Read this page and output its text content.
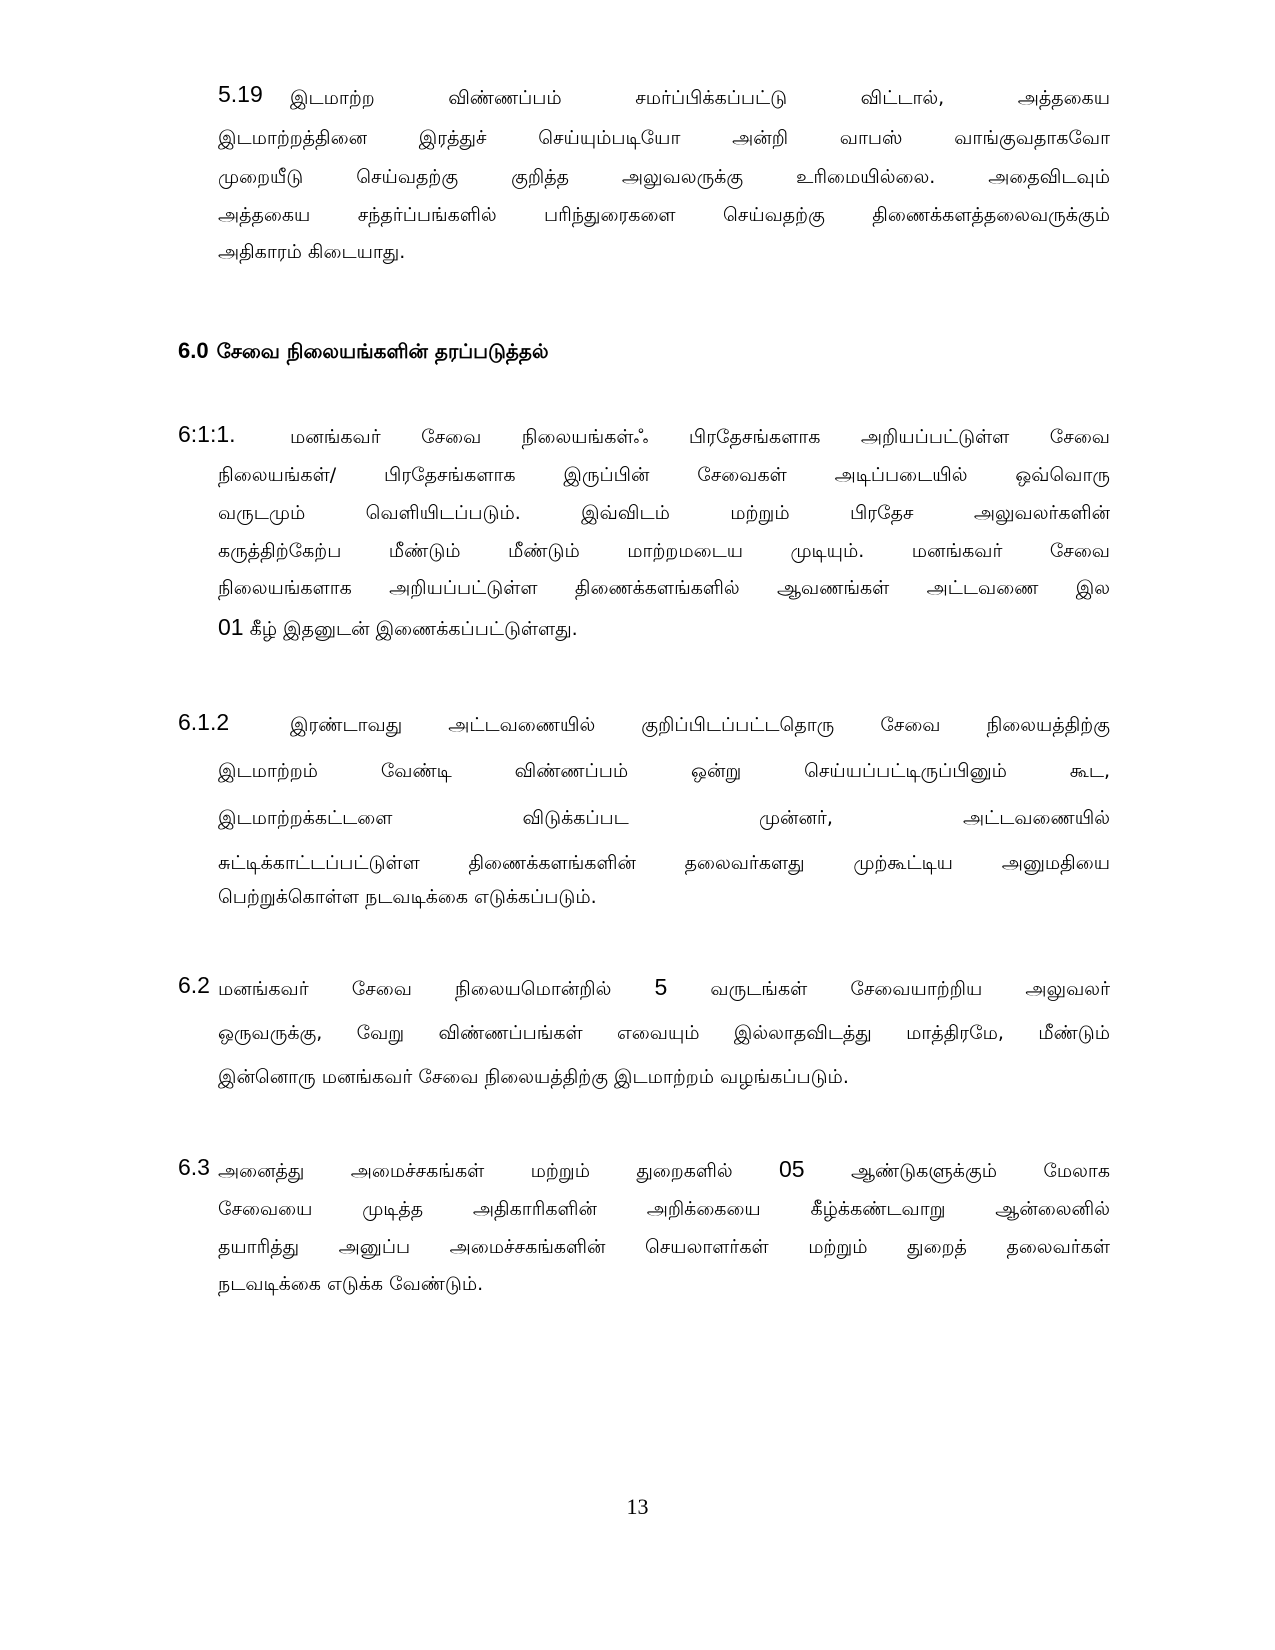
5.19 இடமாற்ற விண்ணப்பம் சமர்ப்பிக்கப்பட்டு விட்டால், அத்தகைய
இடமாற்றத்தினை இரத்துச் செய்யும்படியோ அன்றி வாபஸ் வாங்குவதாகவோ
முறையீடு செய்வதற்கு குறித்த அலுவலருக்கு உரிமையில்லை. அதைவிடவும்
அத்தகைய சந்தர்ப்பங்களில் பரிந்துரைகளை செய்வதற்கு திணைக்களத்தலைவருக்கும்
அதிகாரம் கிடையாது.
6.0 சேவை நிலையங்களின் தரப்படுத்தல்
6:1:1.	மனங்கவர் சேவை நிலையங்கள்ஃ பிரதேசங்களாக அறியப்பட்டுள்ள சேவை
நிலையங்கள்/ பிரதேசங்களாக இருப்பின் சேவைகள் அடிப்படையில் ஒவ்வொரு
வருடமும் வெளியிடப்படும். இவ்விடம் மற்றும் பிரதேச அலுவலர்களின்
கருத்திற்கேற்ப மீண்டும் மீண்டும் மாற்றமடைய முடியும். மனங்கவர் சேவை
நிலையங்களாக அறியப்பட்டுள்ள திணைக்களங்களில் ஆவணங்கள் அட்டவணை இல
01 கீழ் இதனுடன் இணைக்கப்பட்டுள்ளது.
6.1.2	இரண்டாவது அட்டவணையில் குறிப்பிடப்பட்டதொரு சேவை நிலையத்திற்கு
இடமாற்றம் வேண்டி விண்ணப்பம் ஒன்று செய்யப்பட்டிருப்பினும் கூட,
இடமாற்றக்கட்டளை விடுக்கப்பட முன்னர், அட்டவணையில்
சுட்டிக்காட்டப்பட்டுள்ள திணைக்களங்களின் தலைவர்களது முற்கூட்டிய அனுமதியை
பெற்றுக்கொள்ள நடவடிக்கை எடுக்கப்படும்.
6.2 மனங்கவர் சேவை நிலையமொன்றில் 5 வருடங்கள் சேவையாற்றிய அலுவலர்
ஒருவருக்கு, வேறு விண்ணப்பங்கள் எவையும் இல்லாதவிடத்து மாத்திரமே, மீண்டும்
இன்னொரு மனங்கவர் சேவை நிலையத்திற்கு இடமாற்றம் வழங்கப்படும்.
6.3 அனைத்து அமைச்சகங்கள் மற்றும் துறைகளில் 05 ஆண்டுகளுக்கும் மேலாக
சேவையை முடித்த அதிகாரிகளின் அறிக்கையை கீழ்க்கண்டவாறு ஆன்லைனில்
தயாரித்து அனுப்ப அமைச்சகங்களின் செயலாளர்கள் மற்றும் துறைத் தலைவர்கள்
நடவடிக்கை எடுக்க வேண்டும்.
13
